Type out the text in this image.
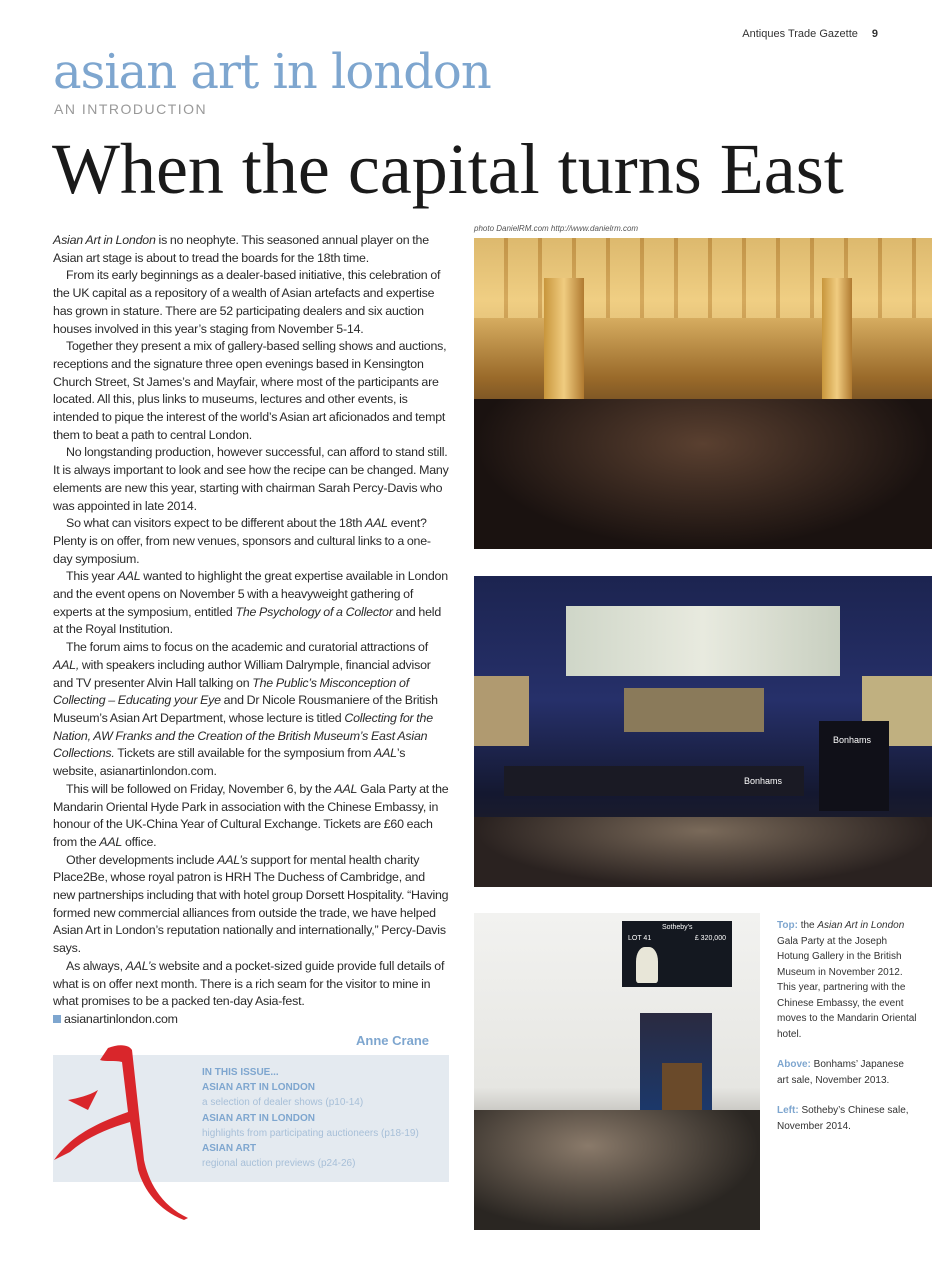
Antiques Trade Gazette 9
asian art in london
AN INTRODUCTION
When the capital turns East
photo DanielRM.com http://www.danielrm.com

Asian Art in London is no neophyte. This seasoned annual player on the Asian art stage is about to tread the boards for the 18th time.

From its early beginnings as a dealer-based initiative, this celebration of the UK capital as a repository of a wealth of Asian artefacts and expertise has grown in stature. There are 52 participating dealers and six auction houses involved in this year’s staging from November 5-14.

Together they present a mix of gallery-based selling shows and auctions, receptions and the signature three open evenings based in Kensington Church Street, St James’s and Mayfair, where most of the participants are located. All this, plus links to museums, lectures and other events, is intended to pique the interest of the world’s Asian art aficionados and tempt them to beat a path to central London.

No longstanding production, however successful, can afford to stand still. It is always important to look and see how the recipe can be changed. Many elements are new this year, starting with chairman Sarah Percy-Davis who was appointed in late 2014.

So what can visitors expect to be different about the 18th AAL event? Plenty is on offer, from new venues, sponsors and cultural links to a one-day symposium.

This year AAL wanted to highlight the great expertise available in London and the event opens on November 5 with a heavyweight gathering of experts at the symposium, entitled The Psychology of a Collector and held at the Royal Institution.

The forum aims to focus on the academic and curatorial attractions of AAL, with speakers including author William Dalrymple, financial advisor and TV presenter Alvin Hall talking on The Public’s Misconception of Collecting – Educating your Eye and Dr Nicole Rousmaniere of the British Museum’s Asian Art Department, whose lecture is titled Collecting for the Nation, AW Franks and the Creation of the British Museum’s East Asian Collections. Tickets are still available for the symposium from AAL’s website, asianartinlondon.com.

This will be followed on Friday, November 6, by the AAL Gala Party at the Mandarin Oriental Hyde Park in association with the Chinese Embassy, in honour of the UK-China Year of Cultural Exchange. Tickets are £60 each from the AAL office.

Other developments include AAL’s support for mental health charity Place2Be, whose royal patron is HRH The Duchess of Cambridge, and new partnerships including that with hotel group Dorsett Hospitality. “Having formed new commercial alliances from outside the trade, we have helped Asian Art in London’s reputation nationally and internationally,” Percy-Davis says.

As always, AAL’s website and a pocket-sized guide provide full details of what is on offer next month. There is a rich seam for the visitor to mine in what promises to be a packed ten-day Asia-fest.

asianartinlondon.com

Anne Crane
IN THIS ISSUE...
ASIAN ART IN LONDON
a selection of dealer shows (p10-14)
ASIAN ART IN LONDON
highlights from participating auctioneers (p18-19)
ASIAN ART
regional auction previews (p24-26)
Bonhams
Bonhams
Sotheby's
LOT 41	£ 320,000

Top: the Asian Art in London Gala Party at the Joseph Hotung Gallery in the British Museum in November 2012. This year, partnering with the Chinese Embassy, the event moves to the Mandarin Oriental hotel.

Above: Bonhams’ Japanese art sale, November 2013.

Left: Sotheby’s Chinese sale, November 2014.
